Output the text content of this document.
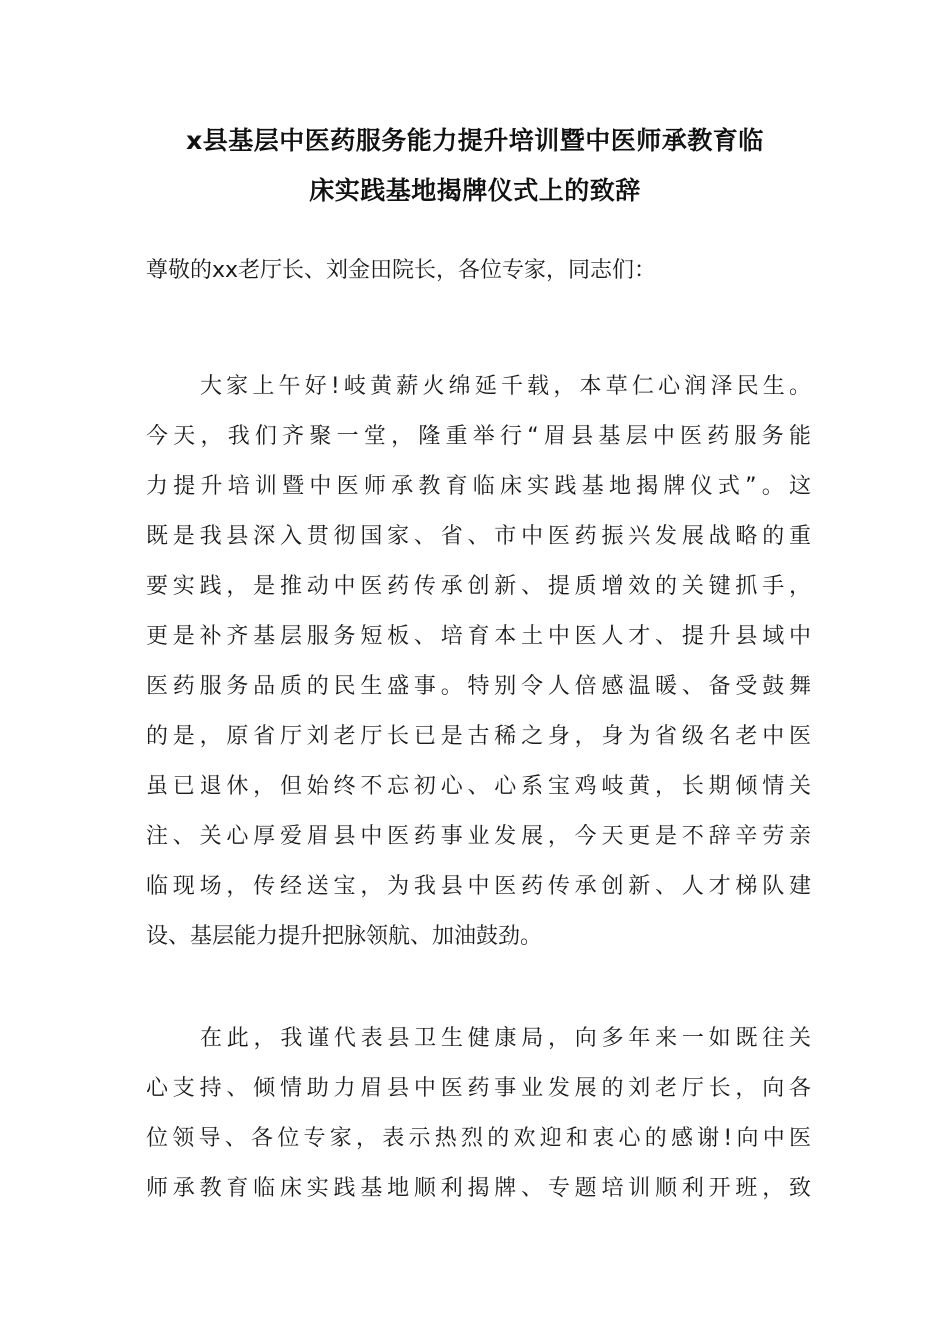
x县基层中医药服务能力提升培训暨中医师承教育临
床实践基地揭牌仪式上的致辞
尊敬的xx老厅长、刘金田院长，各位专家，同志们：
大家上午好!岐黄薪火绵延千载，本草仁心润泽民生。
今天，我们齐聚一堂，隆重举行“眉县基层中医药服务能
力提升培训暨中医师承教育临床实践基地揭牌仪式”。这
既是我县深入贯彻国家、省、市中医药振兴发展战略的重
要实践，是推动中医药传承创新、提质增效的关键抓手，
更是补齐基层服务短板、培育本土中医人才、提升县域中
医药服务品质的民生盛事。特别令人倍感温暖、备受鼓舞
的是，原省厅刘老厅长已是古稀之身，身为省级名老中医
虽已退休，但始终不忘初心、心系宝鸡岐黄，长期倾情关
注、关心厚爱眉县中医药事业发展，今天更是不辞辛劳亲
临现场，传经送宝，为我县中医药传承创新、人才梯队建
设、基层能力提升把脉领航、加油鼓劲。
在此，我谨代表县卫生健康局，向多年来一如既往关
心支持、倾情助力眉县中医药事业发展的刘老厅长，向各
位领导、各位专家，表示热烈的欢迎和衷心的感谢!向中医
师承教育临床实践基地顺利揭牌、专题培训顺利开班，致
